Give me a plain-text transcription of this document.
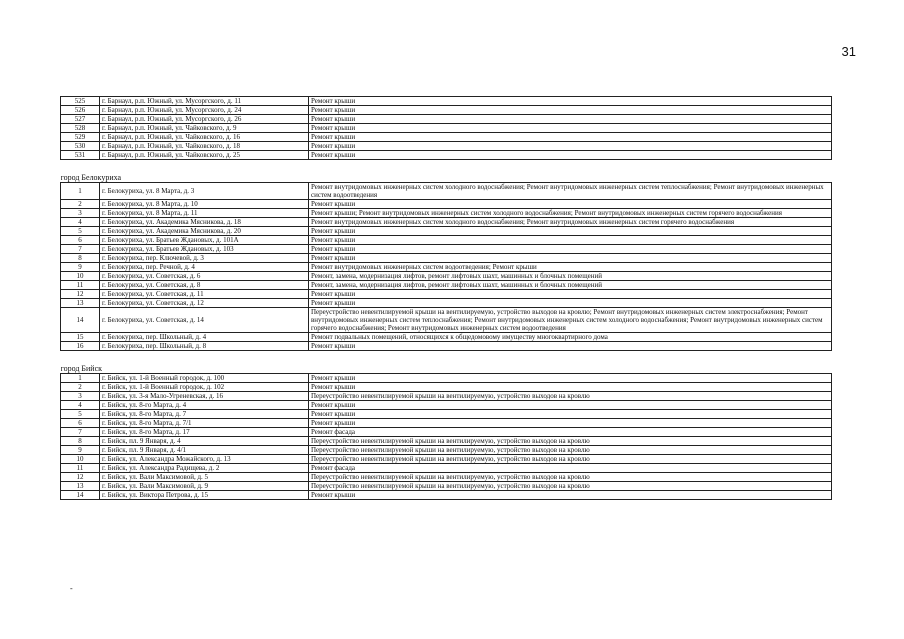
31
525	г. Барнаул, р.п. Южный, ул. Мусоргского, д. 11	Ремонт крыши
526	г. Барнаул, р.п. Южный, ул. Мусоргского, д. 24	Ремонт крыши
527	г. Барнаул, р.п. Южный, ул. Мусоргского, д. 26	Ремонт крыши
528	г. Барнаул, р.п. Южный, ул. Чайковского, д. 9	Ремонт крыши
529	г. Барнаул, р.п. Южный, ул. Чайковского, д. 16	Ремонт крыши
530	г. Барнаул, р.п. Южный, ул. Чайковского, д. 18	Ремонт крыши
531	г. Барнаул, р.п. Южный, ул. Чайковского, д. 25	Ремонт крыши

город Белокуриха		
1	г. Белокуриха, ул. 8 Марта, д. 3	Ремонт внутридомовых инженерных систем холодного водоснабжения; Ремонт внутридомовых инженерных систем теплоснабжения; Ремонт внутридомовых инженерных систем водоотведения
2	г. Белокуриха, ул. 8 Марта, д. 10	Ремонт крыши
3	г. Белокуриха, ул. 8 Марта, д. 11	Ремонт крыши; Ремонт внутридомовых инженерных систем холодного водоснабжения; Ремонт внутридомовых инженерных систем горячего водоснабжения
4	г. Белокуриха, ул. Академика Мясникова, д. 18	Ремонт внутридомовых инженерных систем холодного водоснабжения; Ремонт внутридомовых инженерных систем горячего водоснабжения
5	г. Белокуриха, ул. Академика Мясникова, д. 20	Ремонт крыши
6	г. Белокуриха, ул. Братьев Ждановых, д. 101А	Ремонт крыши
7	г. Белокуриха, ул. Братьев Ждановых, д. 103	Ремонт крыши
8	г. Белокуриха, пер. Ключевой, д. 3	Ремонт крыши
9	г. Белокуриха, пер. Речной, д. 4	Ремонт внутридомовых инженерных систем водоотведения; Ремонт крыши
10	г. Белокуриха, ул. Советская, д. 6	Ремонт, замена, модернизация лифтов, ремонт лифтовых шахт, машинных и блочных помещений
11	г. Белокуриха, ул. Советская, д. 8	Ремонт, замена, модернизация лифтов, ремонт лифтовых шахт, машинных и блочных помещений
12	г. Белокуриха, ул. Советская, д. 11	Ремонт крыши
13	г. Белокуриха, ул. Советская, д. 12	Ремонт крыши
14	г. Белокуриха, ул. Советская, д. 14	Переустройство невентилируемой крыши на вентилируемую, устройство выходов на кровлю; Ремонт внутридомовых инженерных систем электроснабжения; Ремонт внутридомовых инженерных систем теплоснабжения; Ремонт внутридомовых инженерных систем холодного водоснабжения; Ремонт внутридомовых инженерных систем горячего водоснабжения; Ремонт внутридомовых инженерных систем водоотведения
15	г. Белокуриха, пер. Школьный, д. 4	Ремонт подвальных помещений, относящихся к общедомовому имуществу многоквартирного дома
16	г. Белокуриха, пер. Школьный, д. 8	Ремонт крыши

город Бийск		
1	г. Бийск, ул. 1-й Военный городок, д. 100	Ремонт крыши
2	г. Бийск, ул. 1-й Военный городок, д. 102	Ремонт крыши
3	г. Бийск, ул. 3-я Мало-Угреневская, д. 16	Переустройство невентилируемой крыши на вентилируемую, устройство выходов на кровлю
4	г. Бийск, ул. 8-го Марта, д. 4	Ремонт крыши
5	г. Бийск, ул. 8-го Марта, д. 7	Ремонт крыши
6	г. Бийск, ул. 8-го Марта, д. 7/1	Ремонт крыши
7	г. Бийск, ул. 8-го Марта, д. 17	Ремонт фасада
8	г. Бийск, пл. 9 Января, д. 4	Переустройство невентилируемой крыши на вентилируемую, устройство выходов на кровлю
9	г. Бийск, пл. 9 Января, д. 4/1	Переустройство невентилируемой крыши на вентилируемую, устройство выходов на кровлю
10	г. Бийск, ул. Александра Можайского, д. 13	Переустройство невентилируемой крыши на вентилируемую, устройство выходов на кровлю
11	г. Бийск, ул. Александра Радищева, д. 2	Ремонт фасада
12	г. Бийск, ул. Вали Максимовой, д. 5	Переустройство невентилируемой крыши на вентилируемую, устройство выходов на кровлю
13	г. Бийск, ул. Вали Максимовой, д. 9	Переустройство невентилируемой крыши на вентилируемую, устройство выходов на кровлю
14	г. Бийск, ул. Виктора Петрова, д. 15	Ремонт крыши
-
